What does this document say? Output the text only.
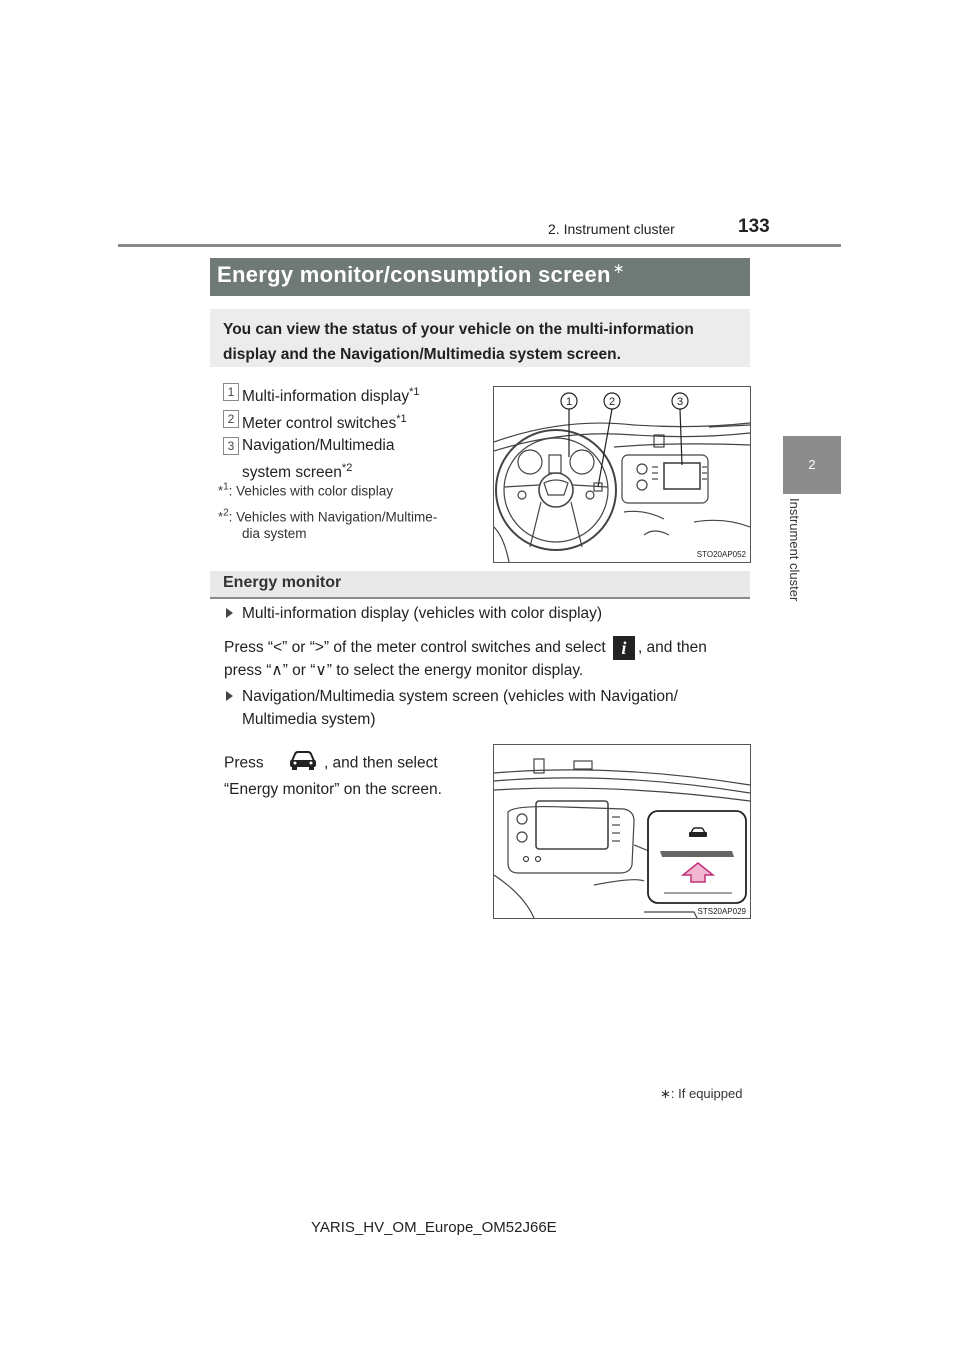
2. Instrument cluster	133
2
Instrument cluster
Energy monitor/consumption screen ∗

You can view the status of your vehicle on the multi-information display and the Navigation/Multimedia system screen.

1 Multi-information display$^{*1}$
2 Meter control switches$^{*1}$
3 Navigation/Multimedia
system screen$^{*2}$
*$^1$: Vehicles with color display
*$^2$: Vehicles with Navigation/Multime-
dia system
1	2	3
STO20AP052
Energy monitor
Multi-information display (vehicles with color display)
Press “<” or “>” of the meter control switches and select i , and then
press “∧” or “∨” to select the energy monitor display.
Navigation/Multimedia system screen (vehicles with Navigation/
Multimedia system)
Press	, and then select
“Energy monitor” on the screen.
STS20AP029
∗: If equipped
YARIS_HV_OM_Europe_OM52J66E
